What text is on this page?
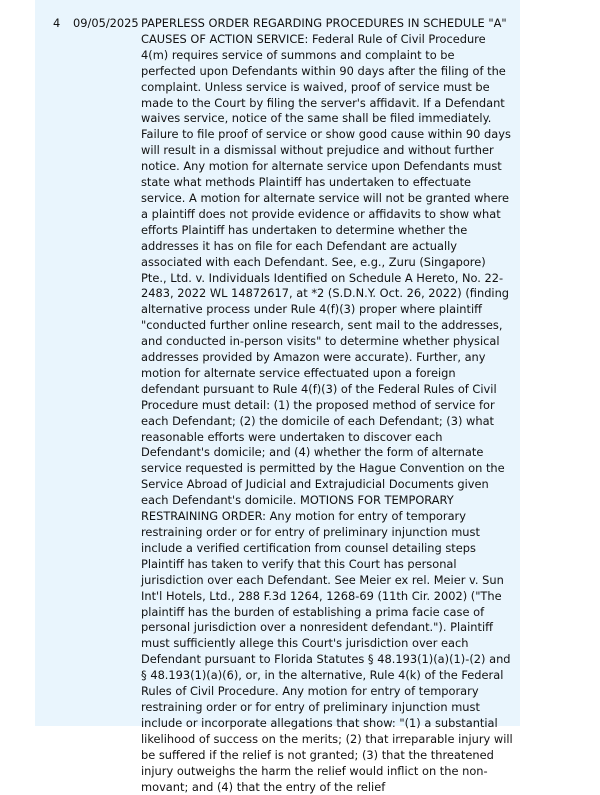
4	09/05/2025 PAPERLESS ORDER REGARDING PROCEDURES IN SCHEDULE "A" CAUSES OF ACTION SERVICE: Federal Rule of Civil Procedure 4(m) requires service of summons and complaint to be perfected upon Defendants within 90 days after the filing of the complaint. Unless service is waived, proof of service must be made to the Court by filing the server's affidavit. If a Defendant waives service, notice of the same shall be filed immediately. Failure to file proof of service or show good cause within 90 days will result in a dismissal without prejudice and without further notice. Any motion for alternate service upon Defendants must state what methods Plaintiff has undertaken to effectuate service. A motion for alternate service will not be granted where a plaintiff does not provide evidence or affidavits to show what efforts Plaintiff has undertaken to determine whether the addresses it has on file for each Defendant are actually associated with each Defendant. See, e.g., Zuru (Singapore) Pte., Ltd. v. Individuals Identified on Schedule A Hereto, No. 22-2483, 2022 WL 14872617, at *2 (S.D.N.Y. Oct. 26, 2022) (finding alternative process under Rule 4(f)(3) proper where plaintiff "conducted further online research, sent mail to the addresses, and conducted in-person visits" to determine whether physical addresses provided by Amazon were accurate). Further, any motion for alternate service effectuated upon a foreign defendant pursuant to Rule 4(f)(3) of the Federal Rules of Civil Procedure must detail: (1) the proposed method of service for each Defendant; (2) the domicile of each Defendant; (3) what reasonable efforts were undertaken to discover each Defendant's domicile; and (4) whether the form of alternate service requested is permitted by the Hague Convention on the Service Abroad of Judicial and Extrajudicial Documents given each Defendant's domicile. MOTIONS FOR TEMPORARY RESTRAINING ORDER: Any motion for entry of temporary restraining order or for entry of preliminary injunction must include a verified certification from counsel detailing steps Plaintiff has taken to verify that this Court has personal jurisdiction over each Defendant. See Meier ex rel. Meier v. Sun Int'l Hotels, Ltd., 288 F.3d 1264, 1268-69 (11th Cir. 2002) ("The plaintiff has the burden of establishing a prima facie case of personal jurisdiction over a nonresident defendant."). Plaintiff must sufficiently allege this Court's jurisdiction over each Defendant pursuant to Florida Statutes § 48.193(1)(a)(1)-(2) and § 48.193(1)(a)(6), or, in the alternative, Rule 4(k) of the Federal Rules of Civil Procedure. Any motion for entry of temporary restraining order or for entry of preliminary injunction must include or incorporate allegations that show: "(1) a substantial likelihood of success on the merits; (2) that irreparable injury will be suffered if the relief is not granted; (3) that the threatened injury outweighs the harm the relief would inflict on the non-movant; and (4) that the entry of the relief
